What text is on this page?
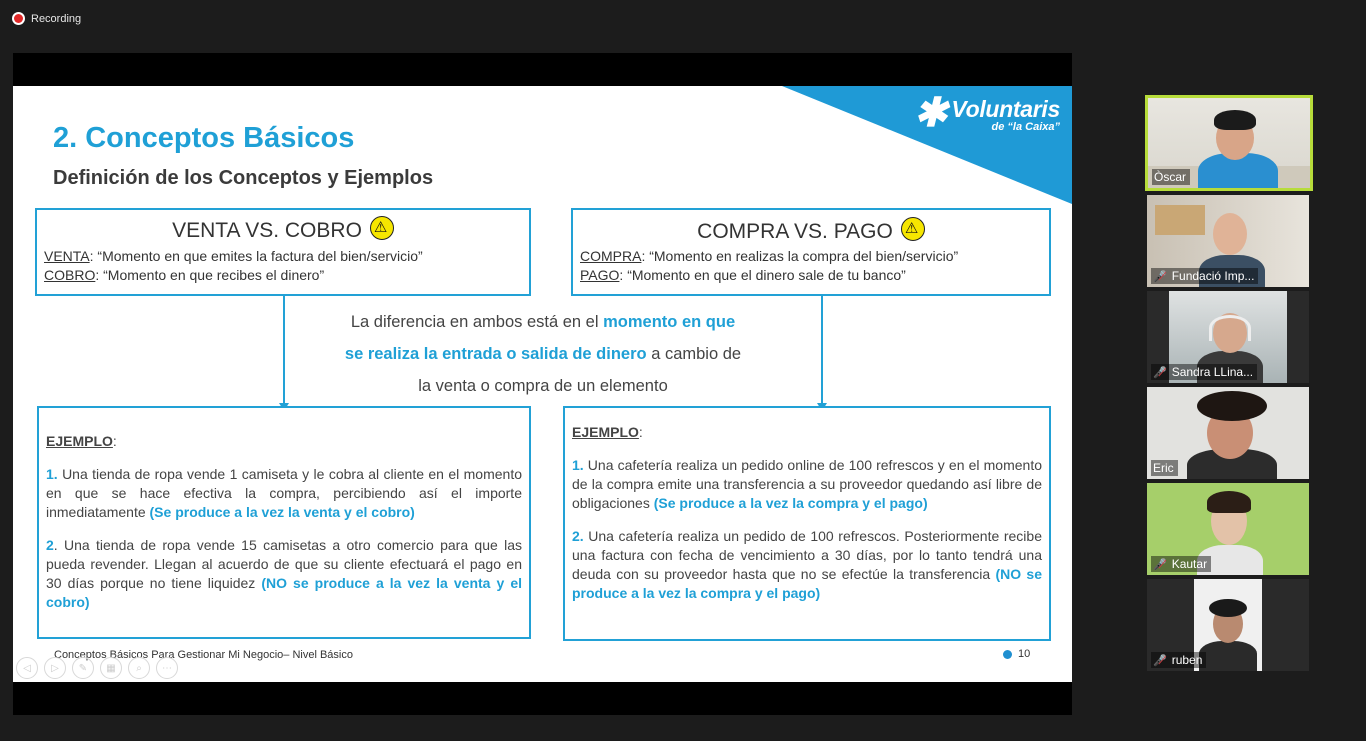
Recording
✱ Voluntaris
de “la Caixa”
2. Conceptos Básicos
Definición de los Conceptos y Ejemplos
VENTA VS. COBRO⚠
VENTA: “Momento en que emites la factura del bien/servicio”
COBRO: “Momento en que recibes el dinero”
COMPRA VS. PAGO⚠
COMPRA: “Momento en realizas la compra del bien/servicio”
PAGO: “Momento en que el dinero sale de tu banco”
La diferencia en ambos está en el momento en que se realiza la entrada o salida de dinero a cambio de la venta o compra de un elemento

EJEMPLO:

1. Una tienda de ropa vende 1 camiseta y le cobra al cliente en el momento en que se hace efectiva la compra, percibiendo así el importe inmediatamente (Se produce a la vez la venta y el cobro)

2. Una tienda de ropa vende 15 camisetas a otro comercio para que las pueda revender. Llegan al acuerdo de que su cliente efectuará el pago en 30 días porque no tiene liquidez (NO se produce a la vez la venta y el cobro)

EJEMPLO:

1. Una cafetería realiza un pedido online de 100 refrescos y en el momento de la compra emite una transferencia a su proveedor quedando así libre de obligaciones (Se produce a la vez la compra y el pago)

2. Una cafetería realiza un pedido de 100 refrescos. Posteriormente recibe una factura con fecha de vencimiento a 30 días, por lo tanto tendrá una deuda con su proveedor hasta que no se efectúe la transferencia (NO se produce a la vez la compra y el pago)

Conceptos Básicos Para Gestionar Mi Negocio– Nivel Básico	10
◁	▷	✎	▦	⌕	⋯
Òscar
🎤̸ Fundació Imp...
🎤̸ Sandra LLina...
Eric
🎤̸ Kautar
🎤̸ ruben
